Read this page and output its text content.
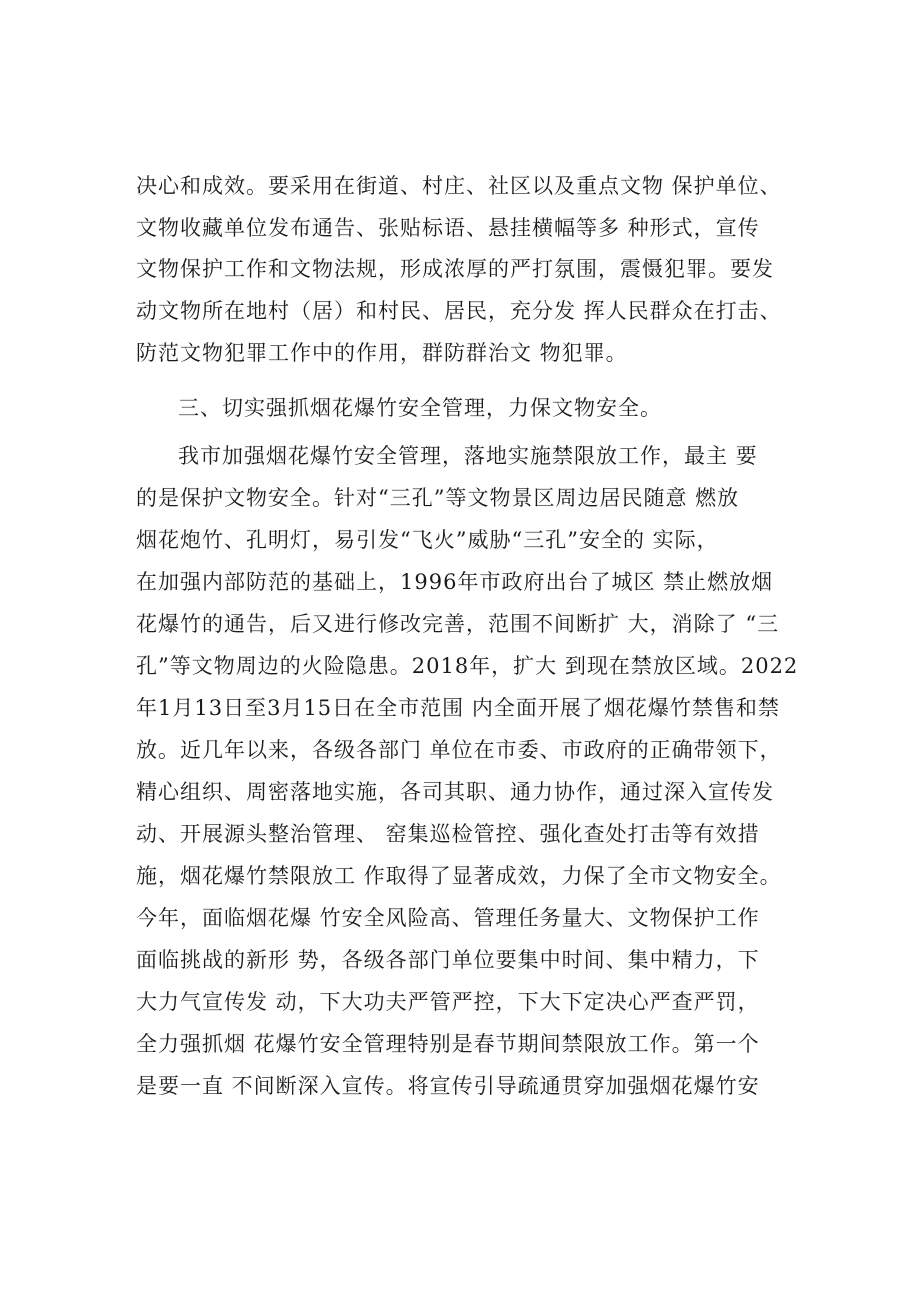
决心和成效。要采用在街道、村庄、社区以及重点文物 保护单位、
文物收藏单位发布通告、张贴标语、悬挂横幅等多 种形式，宣传
文物保护工作和文物法规，形成浓厚的严打氛围，震慑犯罪。要发
动文物所在地村（居）和村民、居民，充分发 挥人民群众在打击、
防范文物犯罪工作中的作用，群防群治文 物犯罪。
三、切实强抓烟花爆竹安全管理，力保文物安全。
我市加强烟花爆竹安全管理，落地实施禁限放工作，最主 要
的是保护文物安全。针对“三孔”等文物景区周边居民随意 燃放
烟花炮竹、孔明灯，易引发“飞火”威胁“三孔”安全的 实际，
在加强内部防范的基础上，1996年市政府出台了城区 禁止燃放烟
花爆竹的通告，后又进行修改完善，范围不间断扩 大，消除了 “三
孔”等文物周边的火险隐患。2018年，扩大 到现在禁放区域。2022
年1月13日至3月15日在全市范围 内全面开展了烟花爆竹禁售和禁
放。近几年以来，各级各部门 单位在市委、市政府的正确带领下，
精心组织、周密落地实施，各司其职、通力协作，通过深入宣传发
动、开展源头整治管理、 窑集巡检管控、强化查处打击等有效措
施，烟花爆竹禁限放工 作取得了显著成效，力保了全市文物安全。
今年，面临烟花爆 竹安全风险高、管理任务量大、文物保护工作
面临挑战的新形 势，各级各部门单位要集中时间、集中精力，下
大力气宣传发 动，下大功夫严管严控，下大下定决心严查严罚，
全力强抓烟 花爆竹安全管理特别是春节期间禁限放工作。第一个
是要一直 不间断深入宣传。将宣传引导疏通贯穿加强烟花爆竹安
